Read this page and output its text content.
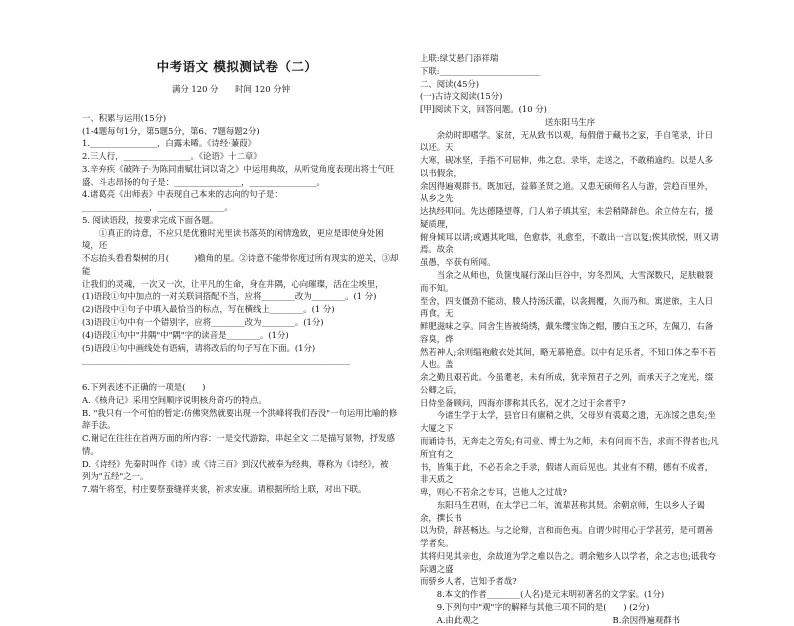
中考语文 模拟测试卷（二）
满分 120 分　　时间 120 分钟

一、积累与运用(15分)

(1-4题每句1分，第5题5分，第6、7题每题2分)

1.________________，白露未晞。《诗经·蒹葭》

2.三人行，________________。《论语》十二章》

3.辛弃疾《破阵子·为陈同甫赋壮词以寄之》中运用典故，从听觉角度表现出将士气旺

盛、斗志昂扬的句子是：________________，________________。

4.诸葛亮《出师表》中表现自己本来的志向的句子是：

________________，________________。

5. 阅读语段，按要求完成下面各题。

①真正的诗意，不应只是优雅时光里读书落英的闲情逸致，更应是即使身处困境，还

不忘抬头看看梨树的月(　　　)檐角的星。②诗意不能带你度过所有现实的逆关，③却能

让我们的灵魂，一次又一次，让平凡的生命，身在井隅，心向璀璨，活在尘埃里，

(1)语段①句中加点的一对关联词搭配不当，应将________改为________。(1 分)

(2)语段中①句子中填入最恰当的标点，写在横线上________。(1 分)

(3)语段①句中有一个错别字，应将________改为________。(1分)

(4)语段①句中"井隅"中"隅"字的读音是________。(1分)

(5)语段①句中画线处有语病，请将改后的句子写在下面。(1分)

________________________________________________________________

6.下列表述不正确的一项是(　　)

A.《核舟记》采用空间顺序说明核舟奇巧的特点。

B. "我只有一个可怕的暂定:仿佛突然就要出现一个洪峰将我们吞没"一句运用比喻的修

辞手法。

C.谢记在往往在首两万面的所内容：一是交代游踪，串起全文 二是描写景物，抒发感情。

D.《诗经》先秦时叫作《诗》或《诗三百》到汉代被奉为经典，尊称为《诗经》，被

列为"五经"之一。

7.端午将至，村庄要祭蚕缝祥夹裳，祈求安康。请根据所给上联，对出下联。

上联:绿艾悬门添祥瑞

下联:________________________

二、阅读(45分)

(一)古诗文阅读(15分)

[甲]阅读下文，回答问题。(10 分)

送东阳马生序

余幼时即嗜学。家贫，无从致书以观，每假借于藏书之家，手自笔录，计日以还。天

大寒，砚冰坚，手指不可屈伸，弗之怠。录毕，走送之，不敢稍逾约。以是人多以书假余，

余因得遍观群书。既加冠，益慕圣贤之道。又患无硕师名人与游，尝趋百里外，从乡之先

达执经叩问。先达德隆望尊，门人弟子填其室，未尝稍降辞色。余立侍左右，援疑质理，

俯身倾耳以请;或遇其叱咄，色愈恭，礼愈至，不敢出一言以复;俟其欣悦，则又请焉。故余

虽愚，卒获有所闻。

当余之从师也，负箧曳屣行深山巨谷中，穷冬烈风，大雪深数尺，足肤皲裂而不知。

至舍，四支僵劲不能动，媵人持汤沃灌，以衾拥覆，久而乃和。寓逆旅，主人日再食，无

鲜肥滋味之享。同舍生皆被绮绣，戴朱缨宝饰之帽，腰白玉之环，左佩刀，右备容臭，烨

然若神人;余则缊袍敝衣处其间，略无慕艳意。以中有足乐者，不知口体之奉不若人也。盖

余之勤且艰若此。今虽耄老，未有所成，犹幸预君子之列，而承天子之宠光，缀公卿之后，

日侍坐备顾问，四海亦谬称其氏名，况才之过于余者乎?

今诸生学于太学，县官日有廪稍之供，父母岁有裘葛之遗，无冻馁之患矣;坐大厦之下

而诵诗书，无奔走之劳矣;有司业、博士为之师，未有问而不告，求而不得者也;凡所宜有之

书，皆集于此，不必若余之手录，假诸人而后见也。其业有不精，德有不成者，非天质之

卑，则心不若余之专耳，岂他人之过哉?

东阳马生君则，在太学已二年，流辈甚称其贤。余朝京师，生以乡人子谒余，撰长书

以为贽，辞甚畅达。与之论辩，言和而色夷。自谓少时用心于学甚劳，是可谓善学者矣。

其将归见其亲也，余故道为学之难以告之。谓余勉乡人以学者，余之志也;诋我夸际遇之盛

而骄乡人者，岂知予者哉?

8.本文的作者________(人名)是元末明初著名的文学家。(1分)

9.下列句中"观"字的解释与其他三项不同的是(　　) (2分)

A.由此观之	B.余因得遍观群书
